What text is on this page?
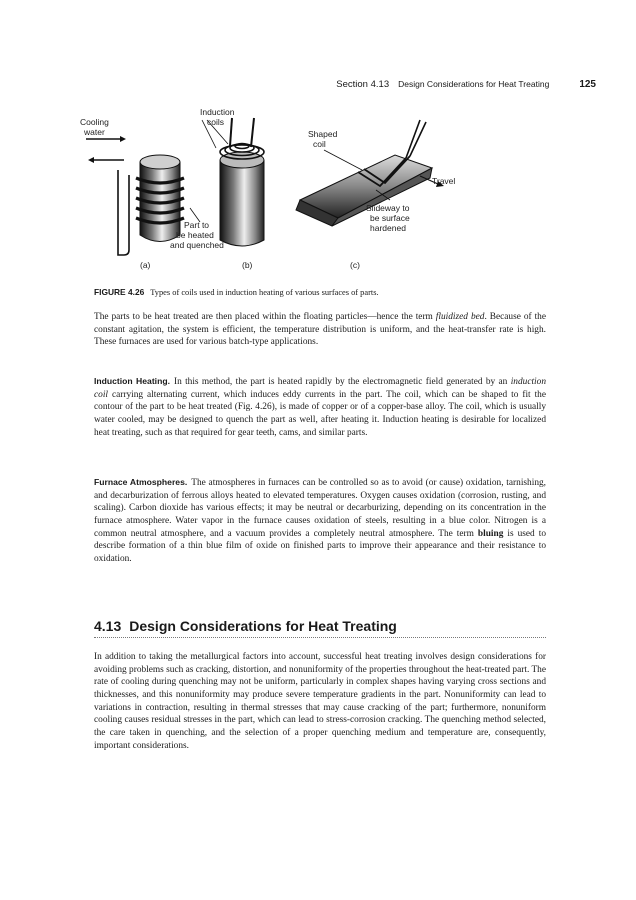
Section 4.13 Design Considerations for Heat Treating	125
Induction
coils
Cooling
water	Shaped
coil
Travel
Slideway to
be surface
hardened
Part to
be heated
and quenched
(a)	(b)	(c)
FIGURE 4.26 Types of coils used in induction heating of various surfaces of parts.

The parts to be heat treated are then placed within the floating particles—hence the term fluidized bed. Because of the constant agitation, the system is efficient, the temperature distribution is uniform, and the heat-transfer rate is high. These furnaces are used for various batch-type applications.

Induction Heating. In this method, the part is heated rapidly by the electromagnetic field generated by an induction coil carrying alternating current, which induces eddy currents in the part. The coil, which can be shaped to fit the contour of the part to be heat treated (Fig. 4.26), is made of copper or of a copper-base alloy. The coil, which is usually water cooled, may be designed to quench the part as well, after heating it. Induction heating is desirable for localized heat treating, such as that required for gear teeth, cams, and similar parts.

Furnace Atmospheres. The atmospheres in furnaces can be controlled so as to avoid (or cause) oxidation, tarnishing, and decarburization of ferrous alloys heated to elevated temperatures. Oxygen causes oxidation (corrosion, rusting, and scaling). Carbon dioxide has various effects; it may be neutral or decarburizing, depending on its concentration in the furnace atmosphere. Water vapor in the furnace causes oxidation of steels, resulting in a blue color. Nitrogen is a common neutral atmosphere, and a vacuum provides a completely neutral atmosphere. The term bluing is used to describe formation of a thin blue film of oxide on finished parts to improve their appearance and their resistance to oxidation.

4.13 Design Considerations for Heat Treating

In addition to taking the metallurgical factors into account, successful heat treating involves design considerations for avoiding problems such as cracking, distortion, and nonuniformity of the properties throughout the heat-treated part. The rate of cooling during quenching may not be uniform, particularly in complex shapes having varying cross sections and thicknesses, and this nonuniformity may produce severe temperature gradients in the part. Nonuniformity can lead to variations in contraction, resulting in thermal stresses that may cause cracking of the part; furthermore, nonuniform cooling causes residual stresses in the part, which can lead to stress-corrosion cracking. The quenching method selected, the care taken in quenching, and the selection of a proper quenching medium and temperature are, consequently, important considerations.
